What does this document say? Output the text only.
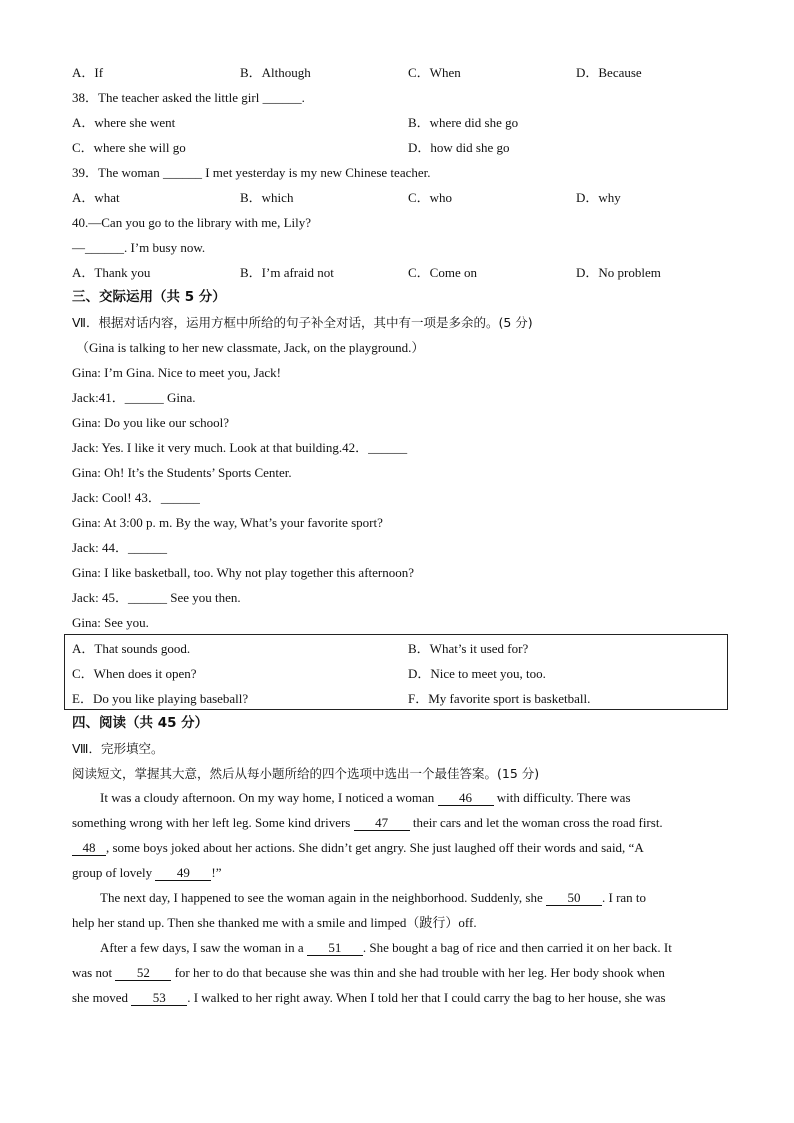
A．If	B．Although	C．When	D．Because
38．The teacher asked the little girl ______.
A．where she went	B．where did she go
C．where she will go	D．how did she go
39．The woman ______ I met yesterday is my new Chinese teacher.
A．what	B．which	C．who	D．why
40.—Can you go to the library with me, Lily?
—______. I’m busy now.
A．Thank you	B．I’m afraid not	C．Come on	D．No problem
三、交际运用（共 5 分）
Ⅶ．根据对话内容，运用方框中所给的句子补全对话，其中有一项是多余的。(5 分)
（Gina is talking to her new classmate, Jack, on the playground.）
Gina: I’m Gina. Nice to meet you, Jack!
Jack:41．______ Gina.
Gina: Do you like our school?
Jack: Yes. I like it very much. Look at that building.42．______
Gina: Oh! It’s the Students’ Sports Center.
Jack: Cool! 43．______
Gina: At 3:00 p. m. By the way, What’s your favorite sport?
Jack: 44．______
Gina: I like basketball, too. Why not play together this afternoon?
Jack: 45．______ See you then.
Gina: See you.
A．That sounds good.	B．What’s it used for?
C．When does it open?	D．Nice to meet you, too.
E．Do you like playing baseball?	F．My favorite sport is basketball.
四、阅读（共 45 分）
Ⅷ．完形填空。
阅读短文，掌握其大意，然后从每小题所给的四个选项中选出一个最佳答案。(15 分)
It was a cloudy afternoon. On my way home, I noticed a woman 46 with difficulty. There was
something wrong with her left leg. Some kind drivers 47 their cars and let the woman cross the road first.
48 , some boys joked about her actions. She didn’t get angry. She just laughed off their words and said, “A
group of lovely 49 !”
The next day, I happened to see the woman again in the neighborhood. Suddenly, she 50 . I ran to
help her stand up. Then she thanked me with a smile and limped（跛行）off.
After a few days, I saw the woman in a 51 . She bought a bag of rice and then carried it on her back. It
was not 52 for her to do that because she was thin and she had trouble with her leg. Her body shook when
she moved 53 . I walked to her right away. When I told her that I could carry the bag to her house, she was
